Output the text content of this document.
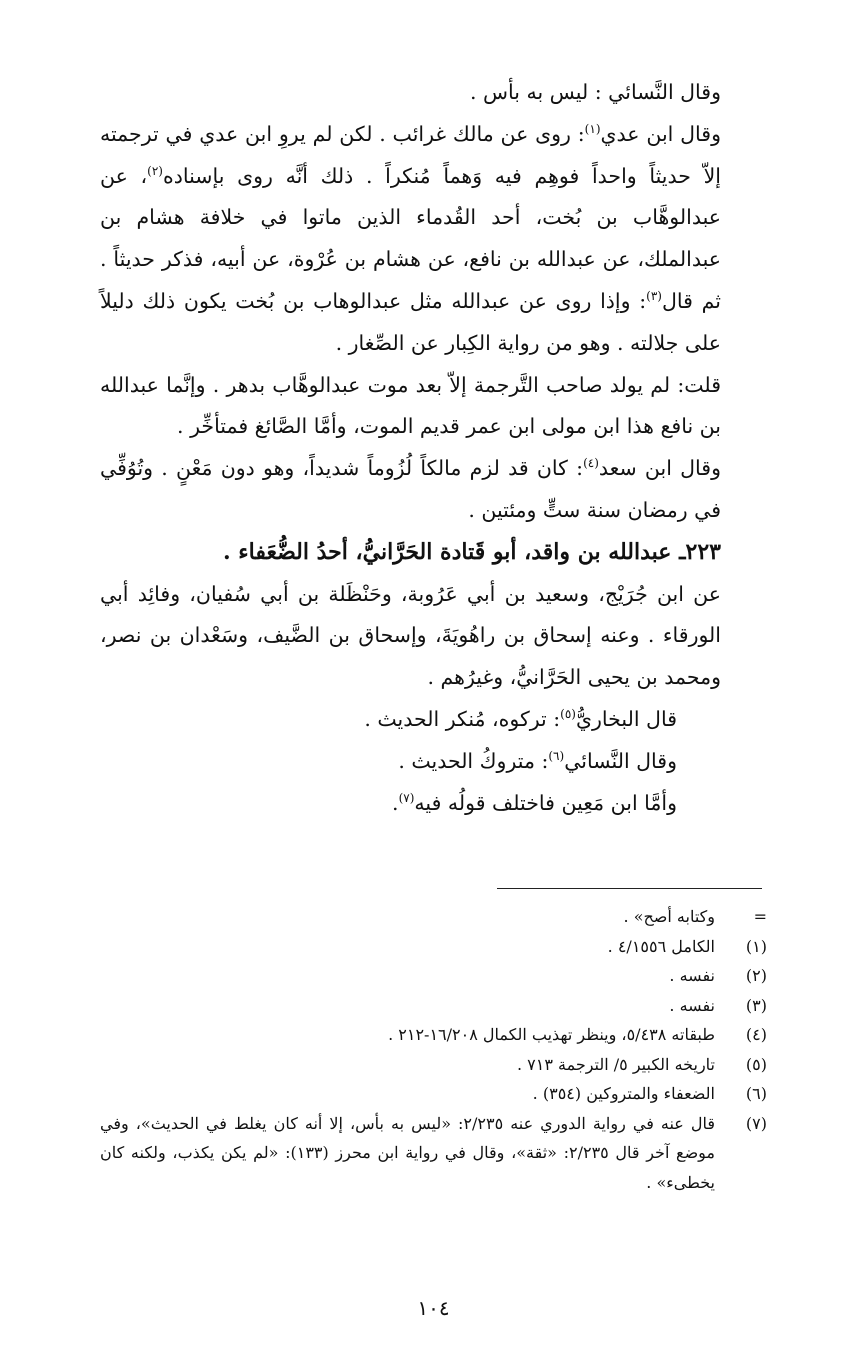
وقال النَّسائي : ليس به بأس .

وقال ابن عدي$^{(١)}$: روى عن مالك غرائب . لكن لم يروِ ابن عدي في ترجمته إلاّ حديثاً واحداً فوهِم فيه وَهماً مُنكراً . ذلك أنَّه روى بإسناده$^{(٢)}$، عن عبدالوهَّاب بن بُخت، أحد القُدماء الذين ماتوا في خلافة هشام بن عبدالملك، عن عبدالله بن نافع، عن هشام بن عُرْوة، عن أبيه، فذكر حديثاً . ثم قال$^{(٣)}$: وإذا روى عن عبدالله مثل عبدالوهاب بن بُخت يكون ذلك دليلاً على جلالته . وهو من رواية الكِبار عن الصِّغار .

قلت: لم يولد صاحب التَّرجمة إلاّ بعد موت عبدالوهَّاب بدهر . وإنَّما عبدالله بن نافع هذا ابن مولى ابن عمر قديم الموت، وأمَّا الصَّائغ فمتأخِّر .

وقال ابن سعد$^{(٤)}$: كان قد لزم مالكاً لُزُوماً شديداً، وهو دون مَعْنٍ . وتُوُفِّي في رمضان سنة ستٍّ ومئتين .

٢٢٣ـ عبدالله بن واقد، أبو قَتادة الحَرَّانيُّ، أحدُ الضُّعَفاء .

عن ابن جُرَيْج، وسعيد بن أبي عَرُوبة، وحَنْظَلة بن أبي سُفيان، وفائِد أبي الورقاء . وعنه إسحاق بن راهُويَةَ، وإسحاق بن الضَّيف، وسَعْدان بن نصر، ومحمد بن يحيى الحَرَّانيُّ، وغيرُهم .

قال البخاريُّ$^{(٥)}$: تركوه، مُنكر الحديث .

وقال النَّسائي$^{(٦)}$: متروكُ الحديث .

وأمَّا ابن مَعِين فاختلف قولُه فيه$^{(٧)}$.

=
وكتابه أصح» .
(١)
الكامل ٤/١٥٥٦ .
(٢)
نفسه .
(٣)
نفسه .
(٤)
طبقاته ٥/٤٣٨، وينظر تهذيب الكمال ١٦/٢٠٨-٢١٢ .
(٥)
تاريخه الكبير ٥/ الترجمة ٧١٣ .
(٦)
الضعفاء والمتروكين (٣٥٤) .
(٧)
قال عنه في رواية الدوري عنه ٢/٢٣٥: «ليس به بأس، إلا أنه كان يغلط في الحديث»، وفي موضع آخر قال ٢/٢٣٥: «ثقة»، وقال في رواية ابن محرز (١٣٣): «لم يكن يكذب، ولكنه كان يخطىء» .
١٠٤
